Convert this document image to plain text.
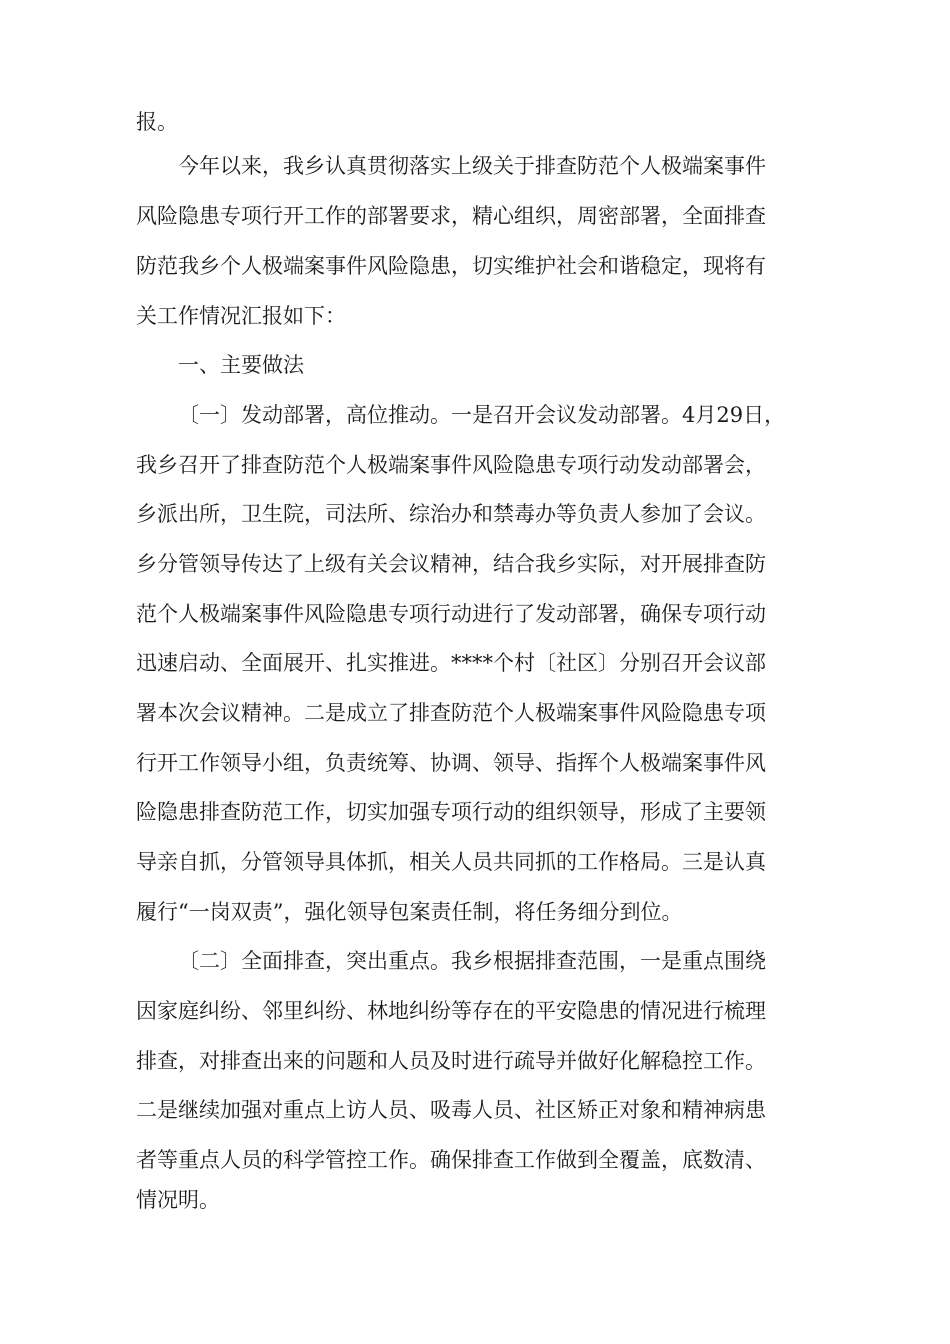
报。
今年以来，我乡认真贯彻落实上级关于排查防范个人极端案事件
风险隐患专项行开工作的部署要求，精心组织，周密部署，全面排查
防范我乡个人极端案事件风险隐患，切实维护社会和谐稳定，现将有
关工作情况汇报如下：
一、主要做法
〔一〕发动部署，高位推动。一是召开会议发动部署。4月29日，
我乡召开了排查防范个人极端案事件风险隐患专项行动发动部署会，
乡派出所，卫生院，司法所、综治办和禁毒办等负责人参加了会议。
乡分管领导传达了上级有关会议精神，结合我乡实际，对开展排查防
范个人极端案事件风险隐患专项行动进行了发动部署，确保专项行动
迅速启动、全面展开、扎实推进。****个村〔社区〕分别召开会议部
署本次会议精神。二是成立了排查防范个人极端案事件风险隐患专项
行开工作领导小组，负责统筹、协调、领导、指挥个人极端案事件风
险隐患排查防范工作，切实加强专项行动的组织领导，形成了主要领
导亲自抓，分管领导具体抓，相关人员共同抓的工作格局。三是认真
履行“一岗双责”，强化领导包案责任制，将任务细分到位。
〔二〕全面排查，突出重点。我乡根据排查范围，一是重点围绕
因家庭纠纷、邻里纠纷、林地纠纷等存在的平安隐患的情况进行梳理
排查，对排查出来的问题和人员及时进行疏导并做好化解稳控工作。
二是继续加强对重点上访人员、吸毒人员、社区矫正对象和精神病患
者等重点人员的科学管控工作。确保排查工作做到全覆盖，底数清、
情况明。
